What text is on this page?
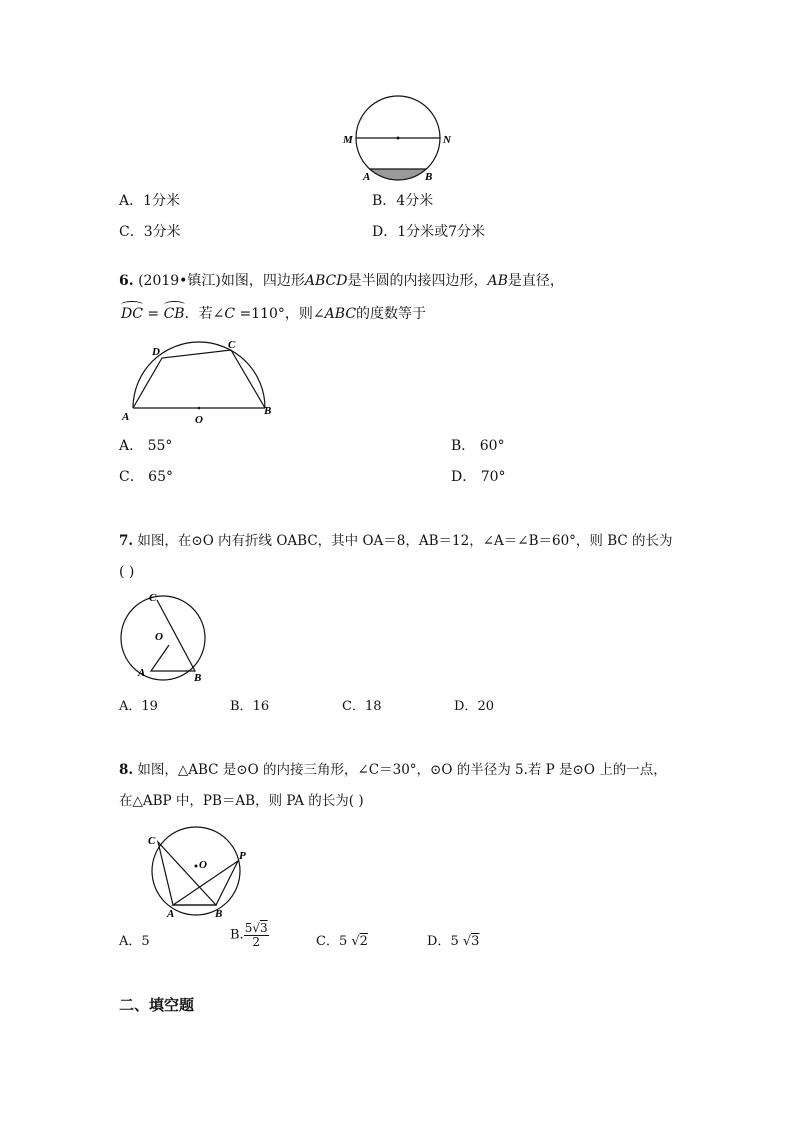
M	N
A	B
A．1分米	B．4分米
C．3分米	D．1分米或7分米
6. (2019•镇江)如图，四边形ABCD是半圆的内接四边形，AB是直径，
DC =
CB．若∠C =110°，则∠ABC的度数等于
A	B
C
D
O
A． 55°	B． 60°
C． 65°	D． 70°
7. 如图，在⊙O 内有折线 OABC，其中 OA＝8，AB＝12，∠A＝∠B＝60°，则 BC 的长为
( )
C
O
A	B
A．19	B．16	C．18	D．20
8. 如图，△ABC 是⊙O 的内接三角形，∠C＝30°，⊙O 的半径为 5.若 P 是⊙O 上的一点，
在△ABP 中，PB＝AB，则 PA 的长为( )
C
O
P
A	B
A．5	B. $\frac{5√3}{2}$	C．5 √2	D．5 √3
二、填空题
